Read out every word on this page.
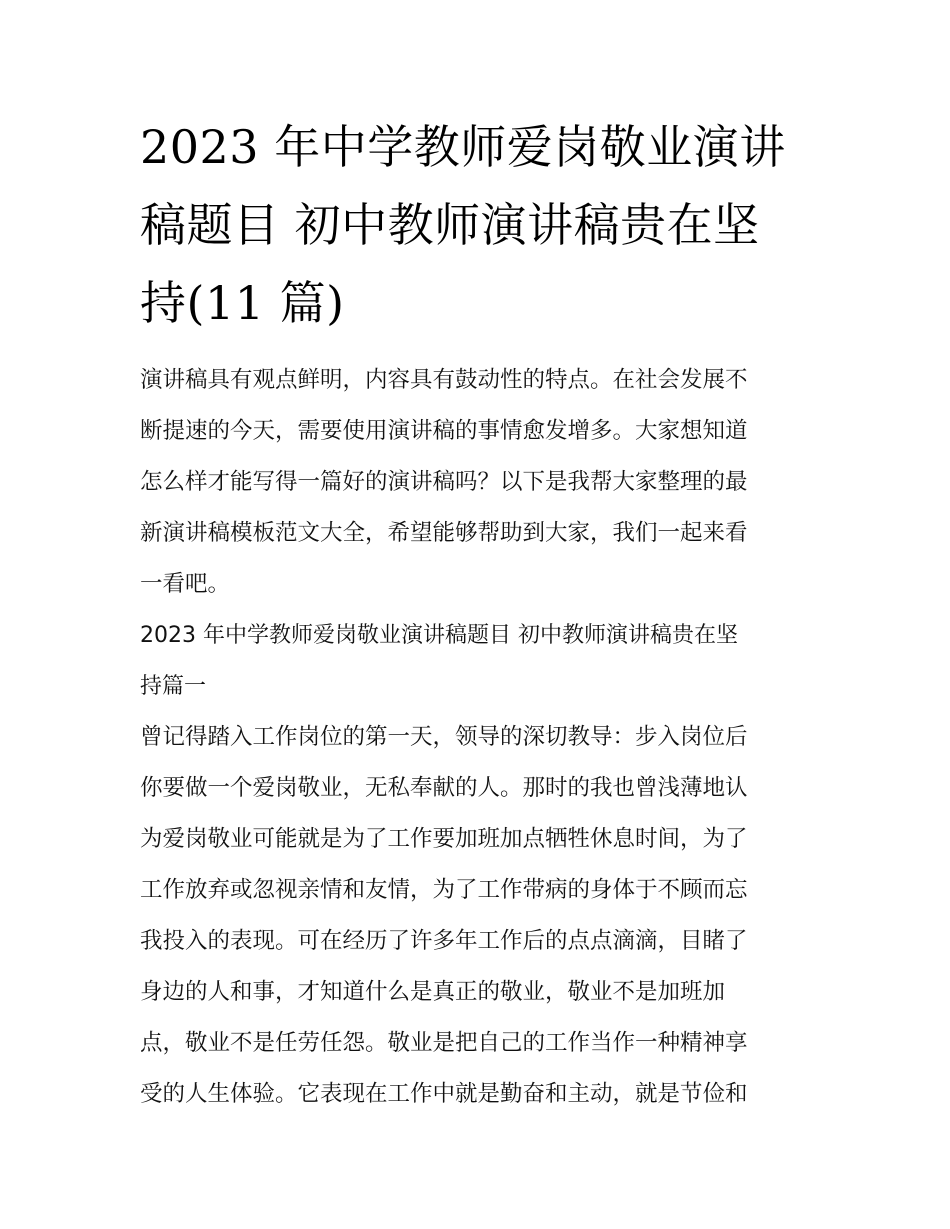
2023 年中学教师爱岗敬业演讲
稿题目 初中教师演讲稿贵在坚
持(11 篇)
演讲稿具有观点鲜明，内容具有鼓动性的特点。在社会发展不
断提速的今天，需要使用演讲稿的事情愈发增多。大家想知道
怎么样才能写得一篇好的演讲稿吗？以下是我帮大家整理的最
新演讲稿模板范文大全，希望能够帮助到大家，我们一起来看
一看吧。
2023 年中学教师爱岗敬业演讲稿题目 初中教师演讲稿贵在坚
持篇一
曾记得踏入工作岗位的第一天，领导的深切教导：步入岗位后
你要做一个爱岗敬业，无私奉献的人。那时的我也曾浅薄地认
为爱岗敬业可能就是为了工作要加班加点牺牲休息时间，为了
工作放弃或忽视亲情和友情，为了工作带病的身体于不顾而忘
我投入的表现。可在经历了许多年工作后的点点滴滴，目睹了
身边的人和事，才知道什么是真正的敬业，敬业不是加班加
点，敬业不是任劳任怨。敬业是把自己的工作当作一种精神享
受的人生体验。它表现在工作中就是勤奋和主动，就是节俭和
